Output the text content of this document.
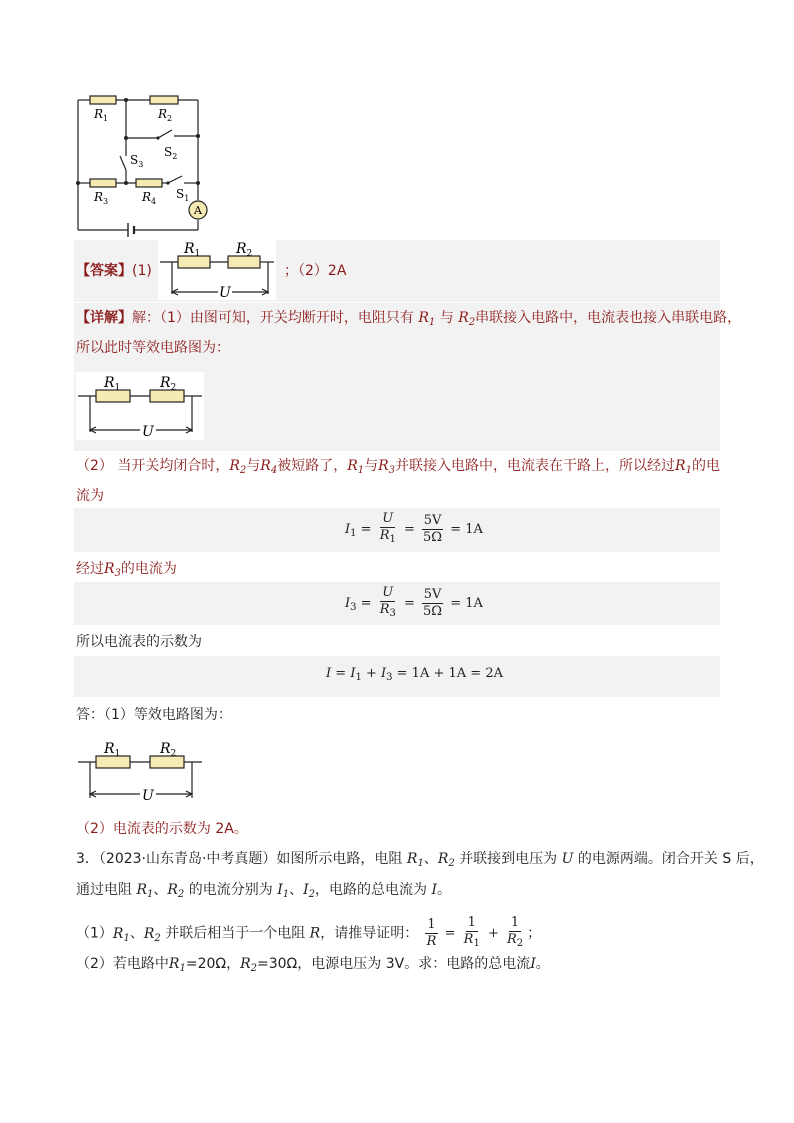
A
$R_1$	$R_2$
$S_2$
$S_3$
$R_3$	$R_4$
$S_1$
【答案】(1)
$R_1$	$R_2$
U
；（2）2A
【详解】解：（1）由图可知，开关均断开时，电阻只有 $R_1$ 与 $R_2$串联接入电路中，电流表也接入串联电路，
所以此时等效电路图为：
$R_1$	$R_2$
U
（2） 当开关均闭合时，$R_2$与$R_4$被短路了，$R_1$与$R_3$并联接入电路中，电流表在干路上，所以经过$R_1$的电
流为
$I_1 = \frac{U}{R_1} = \frac{5V}{5\Omega} = 1A$
经过$R_3$的电流为
$I_3 = \frac{U}{R_3} = \frac{5V}{5\Omega} = 1A$
所以电流表的示数为
$I = I_1 + I_3 = 1A + 1A = 2A$
答：（1）等效电路图为：
$R_1$	$R_2$
U
（2）电流表的示数为 2A。
3．（2023·山东青岛·中考真题）如图所示电路，电阻 $R_1$、$R_2$ 并联接到电压为 U 的电源两端。闭合开关 S 后，
通过电阻 $R_1$、$R_2$ 的电流分别为 $I_1$、$I_2$，电路的总电流为 I。
$(1)R_1$、$R_2$ 并联后相当于一个电阻 R，请推导证明： $\frac{1}{R} = \frac{1}{R_1} + \frac{1}{R_2}$ ；
（2）若电路中$R_1=20\Omega$，$R_2=30\Omega$，电源电压为 3V。求：电路的总电流I。
